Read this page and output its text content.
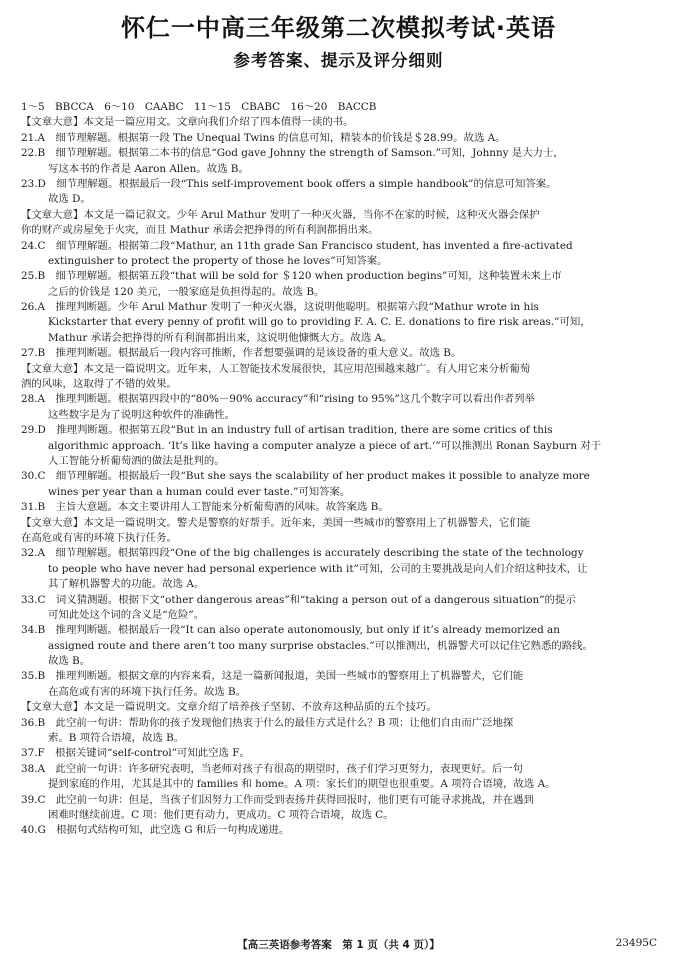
怀仁一中高三年级第二次模拟考试·英语
参考答案、提示及评分细则
1～5　BBCCA　6～10　CAABC　11～15　CBABC　16～20　BACCB
【文章大意】本文是一篇应用文。文章向我们介绍了四本值得一读的书。
21.A　细节理解题。根据第一段 The Unequal Twins 的信息可知，精装本的价钱是＄28.99。故选 A。
22.B　细节理解题。根据第二本书的信息“God gave Johnny the strength of Samson.”可知，Johnny 是大力士，
写这本书的作者是 Aaron Allen。故选 B。
23.D　细节理解题。根据最后一段“This self-improvement book offers a simple handbook”的信息可知答案。
故选 D。
【文章大意】本文是一篇记叙文。少年 Arul Mathur 发明了一种灭火器，当你不在家的时候，这种灭火器会保护
你的财产或房屋免于火灾，而且 Mathur 承诺会把挣得的所有利润都捐出来。
24.C　细节理解题。根据第二段“Mathur, an 11th grade San Francisco student, has invented a fire-activated
extinguisher to protect the property of those he loves”可知答案。
25.B　细节理解题。根据第五段“that will be sold for ＄120 when production begins”可知，这种装置未来上市
之后的价钱是 120 美元，一般家庭是负担得起的。故选 B。
26.A　推理判断题。少年 Arul Mathur 发明了一种灭火器，这说明他聪明。根据第六段“Mathur wrote in his
Kickstarter that every penny of profit will go to providing F. A. C. E. donations to fire risk areas.”可知，
Mathur 承诺会把挣得的所有利润都捐出来，这说明他慷慨大方。故选 A。
27.B　推理判断题。根据最后一段内容可推断，作者想要强调的是该设备的重大意义。故选 B。
【文章大意】本文是一篇说明文。近年来，人工智能技术发展很快，其应用范围越来越广。有人用它来分析葡萄
酒的风味，这取得了不错的效果。
28.A　推理判断题。根据第四段中的“80%－90% accuracy”和“rising to 95%”这几个数字可以看出作者列举
这些数字是为了说明这种软件的准确性。
29.D　推理判断题。根据第五段“But in an industry full of artisan tradition, there are some critics of this
algorithmic approach. ‘It’s like having a computer analyze a piece of art.’”可以推测出 Ronan Sayburn 对于
人工智能分析葡萄酒的做法是批判的。
30.C　细节理解题。根据最后一段“But she says the scalability of her product makes it possible to analyze more
wines per year than a human could ever taste.”可知答案。
31.B　主旨大意题。本文主要讲用人工智能来分析葡萄酒的风味。故答案选 B。
【文章大意】本文是一篇说明文。警犬是警察的好帮手。近年来，美国一些城市的警察用上了机器警犬，它们能
在高危或有害的环境下执行任务。
32.A　细节理解题。根据第四段“One of the big challenges is accurately describing the state of the technology
to people who have never had personal experience with it”可知，公司的主要挑战是向人们介绍这种技术，让
其了解机器警犬的功能。故选 A。
33.C　词义猜测题。根据下文“other dangerous areas”和“taking a person out of a dangerous situation”的提示
可知此处这个词的含义是“危险”。
34.B　推理判断题。根据最后一段“It can also operate autonomously, but only if it’s already memorized an
assigned route and there aren’t too many surprise obstacles.”可以推测出，机器警犬可以记住它熟悉的路线。
故选 B。
35.B　推理判断题。根据文章的内容来看，这是一篇新闻报道，美国一些城市的警察用上了机器警犬，它们能
在高危或有害的环境下执行任务。故选 B。
【文章大意】本文是一篇说明文。文章介绍了培养孩子坚韧、不放弃这种品质的五个技巧。
36.B　此空前一句讲：帮助你的孩子发现他们热衷于什么的最佳方式是什么？B 项：让他们自由而广泛地探
索。B 项符合语境，故选 B。
37.F　根据关键词“self-control”可知此空选 F。
38.A　此空前一句讲：许多研究表明，当老师对孩子有很高的期望时，孩子们学习更努力，表现更好。后一句
提到家庭的作用，尤其是其中的 families 和 home。A 项：家长们的期望也很重要。A 项符合语境，故选 A。
39.C　此空前一句讲：但是，当孩子们因努力工作而受到表扬并获得回报时，他们更有可能寻求挑战，并在遇到
困难时继续前进。C 项：他们更有动力，更成功。C 项符合语境，故选 C。
40.G　根据句式结构可知，此空选 G 和后一句构成递进。
【高三英语参考答案　第 1 页（共 4 页）】	23495C
